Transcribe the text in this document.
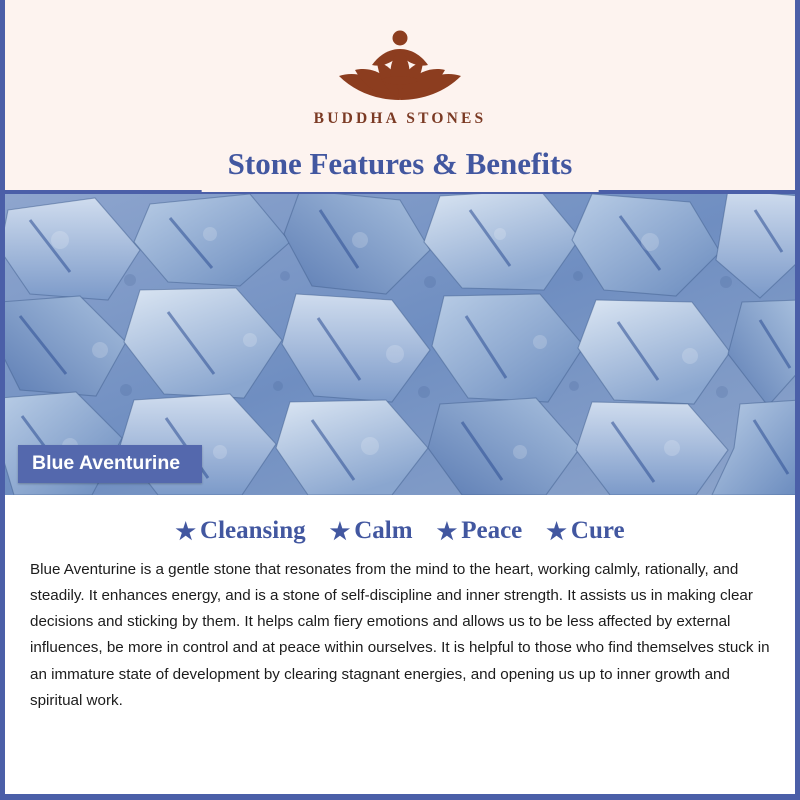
BUDDHA STONES
Stone Features & Benefits
Blue Aventurine
★ Cleansing ★ Calm ★ Peace ★ Cure

Blue Aventurine is a gentle stone that resonates from the mind to the heart, working calmly, rationally, and steadily. It enhances energy, and is a stone of self-discipline and inner strength. It assists us in making clear decisions and sticking by them. It helps calm fiery emotions and allows us to be less affected by external influences, be more in control and at peace within ourselves. It is helpful to those who find themselves stuck in an immature state of development by clearing stagnant energies, and opening us up to inner growth and spiritual work.
